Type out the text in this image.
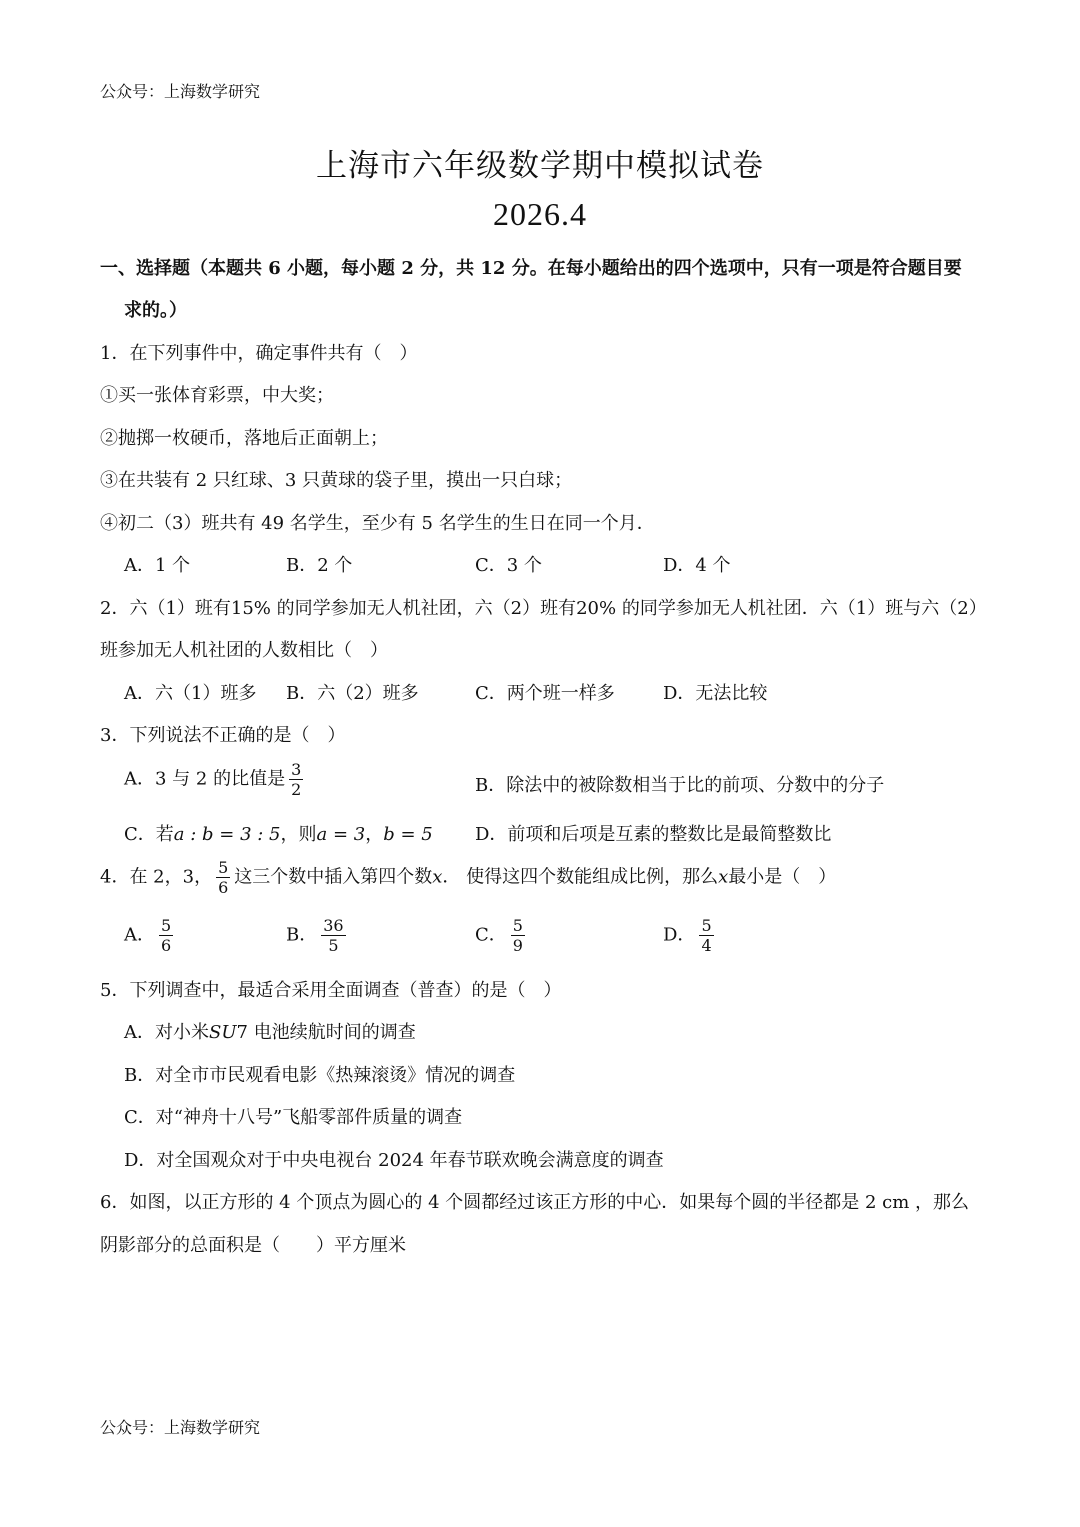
公众号：上海数学研究
上海市六年级数学期中模拟试卷
2026.4
一、选择题（本题共 6 小题，每小题 2 分，共 12 分。在每小题给出的四个选项中，只有一项是符合题目要
求的。）
1．在下列事件中，确定事件共有（　）
①买一张体育彩票，中大奖；
②抛掷一枚硬币，落地后正面朝上；
③在共装有 2 只红球、3 只黄球的袋子里，摸出一只白球；
④初二（3）班共有 49 名学生，至少有 5 名学生的生日在同一个月．
A．1 个	B．2 个	C．3 个	D．4 个
2．六（1）班有15% 的同学参加无人机社团，六（2）班有20% 的同学参加无人机社团．六（1）班与六（2）
班参加无人机社团的人数相比（　）
A．六（1）班多 B．六（2）班多	C．两个班一样多	D．无法比较
3．下列说法不正确的是（　）
A．3 与 2 的比值是 $\frac{3}{2}$	B．除法中的被除数相当于比的前项、分数中的分子
C．若a : b = 3 : 5，则a = 3，b = 5 D．前项和后项是互素的整数比是最简整数比
4．在 2，3， $\frac{5}{6}$ 这三个数中插入第四个数x． 使得这四个数能组成比例，那么x最小是（　）
A． $\frac{5}{6}$	B． $\frac{36}{5}$	C． $\frac{5}{9}$	D． $\frac{5}{4}$
5．下列调查中，最适合采用全面调查（普查）的是（　）
A．对小米SU7 电池续航时间的调查
B．对全市市民观看电影《热辣滚烫》情况的调查
C．对“神舟十八号”飞船零部件质量的调查
D．对全国观众对于中央电视台 2024 年春节联欢晚会满意度的调查
6．如图，以正方形的 4 个顶点为圆心的 4 个圆都经过该正方形的中心．如果每个圆的半径都是 2 cm ，那么
阴影部分的总面积是（　　）平方厘米
公众号：上海数学研究
